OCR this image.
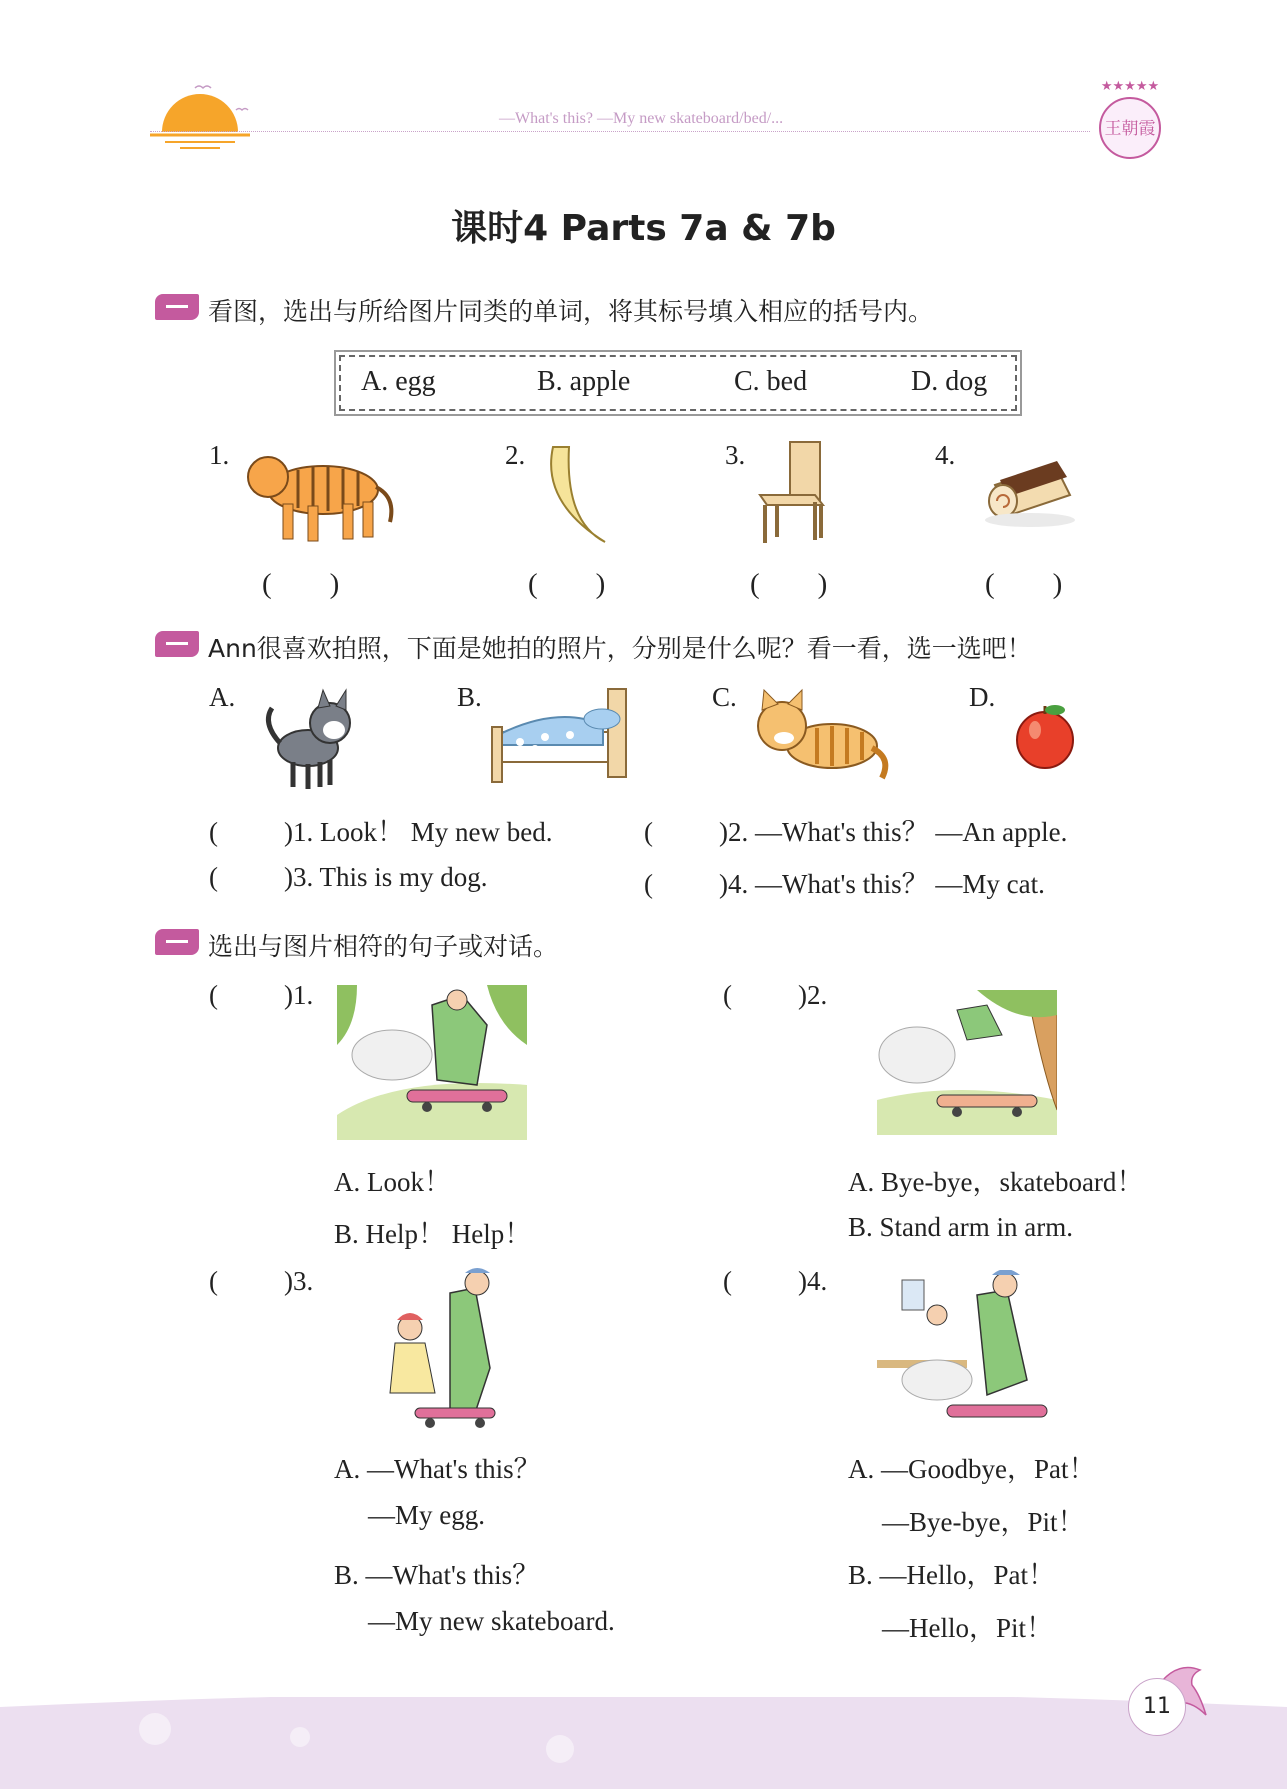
—What's this? —My new skateboard/bed/...
★★★★★
王朝霞
课时4 Parts 7a & 7b
看图，选出与所给图片同类的单词，将其标号填入相应的括号内。
A. egg	B. apple	C. bed	D. dog
1.	2.	3.	4.
(　　)	(　　)	(　　)	(　　)
Ann很喜欢拍照，下面是她拍的照片，分别是什么呢？看一看，选一选吧！
A.	B.	C.	D.
( )1. Look！ My new bed.	( )2. —What's this？ —An apple.
( )3. This is my dog.	( )4. —What's this？ —My cat.
选出与图片相符的句子或对话。
( )1.
A. Look！
B. Help！ Help！
( )2.
A. Bye-bye，skateboard！
B. Stand arm in arm.
( )3.
A. —What's this？
—My egg.
B. —What's this？
—My new skateboard.
( )4.
A. —Goodbye，Pat！
—Bye-bye，Pit！
B. —Hello，Pat！
—Hello，Pit！
11
